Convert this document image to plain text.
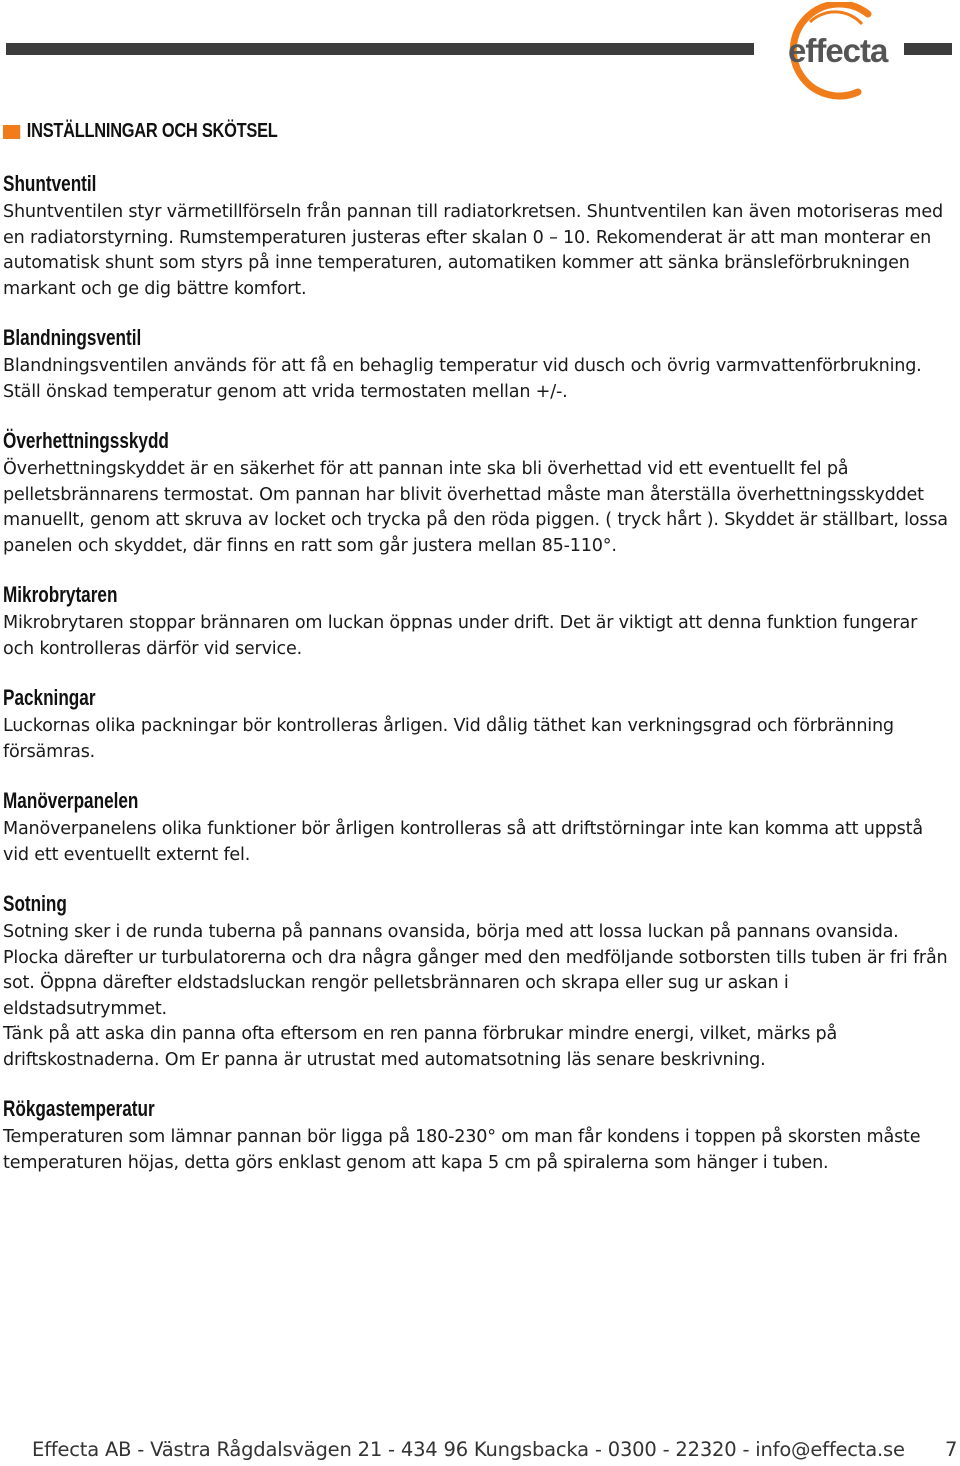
effecta
INSTÄLLNINGAR OCH SKÖTSEL
Shuntventil

Shuntventilen styr värmetillförseln från pannan till radiatorkretsen. Shuntventilen kan även motoriseras med en radiatorstyrning. Rumstemperaturen justeras efter skalan 0 – 10. Rekomenderat är att man monterar en automatisk shunt som styrs på inne temperaturen, automatiken kommer att sänka bränsleförbrukningen markant och ge dig bättre komfort.

Blandningsventil

Blandningsventilen används för att få en behaglig temperatur vid dusch och övrig varmvattenförbrukning. Ställ önskad temperatur genom att vrida termostaten mellan +/-.

Överhettningsskydd

Överhettningskyddet är en säkerhet för att pannan inte ska bli överhettad vid ett eventuellt fel på pelletsbrännarens termostat. Om pannan har blivit överhettad måste man återställa överhettningsskyddet manuellt, genom att skruva av locket och trycka på den röda piggen. ( tryck hårt ). Skyddet är ställbart, lossa panelen och skyddet, där finns en ratt som går justera mellan 85-110°.

Mikrobrytaren

Mikrobrytaren stoppar brännaren om luckan öppnas under drift. Det är viktigt att denna funktion fungerar och kontrolleras därför vid service.

Packningar

Luckornas olika packningar bör kontrolleras årligen. Vid dålig täthet kan verkningsgrad och förbränning försämras.

Manöverpanelen

Manöverpanelens olika funktioner bör årligen kontrolleras så att driftstörningar inte kan komma att uppstå vid ett eventuellt externt fel.

Sotning

Sotning sker i de runda tuberna på pannans ovansida, börja med att lossa luckan på pannans ovansida. Plocka därefter ur turbulatorerna och dra några gånger med den medföljande sotborsten tills tuben är fri från sot. Öppna därefter eldstadsluckan rengör pelletsbrännaren och skrapa eller sug ur askan i eldstadsutrymmet.

Tänk på att aska din panna ofta eftersom en ren panna förbrukar mindre energi, vilket, märks på driftskostnaderna. Om Er panna är utrustat med automatsotning läs senare beskrivning.

Rökgastemperatur

Temperaturen som lämnar pannan bör ligga på 180-230° om man får kondens i toppen på skorsten måste temperaturen höjas, detta görs enklast genom att kapa 5 cm på spiralerna som hänger i tuben.

Effecta AB - Västra Rågdalsvägen 21 - 434 96 Kungsbacka - 0300 - 22320 - info@effecta.se 7
